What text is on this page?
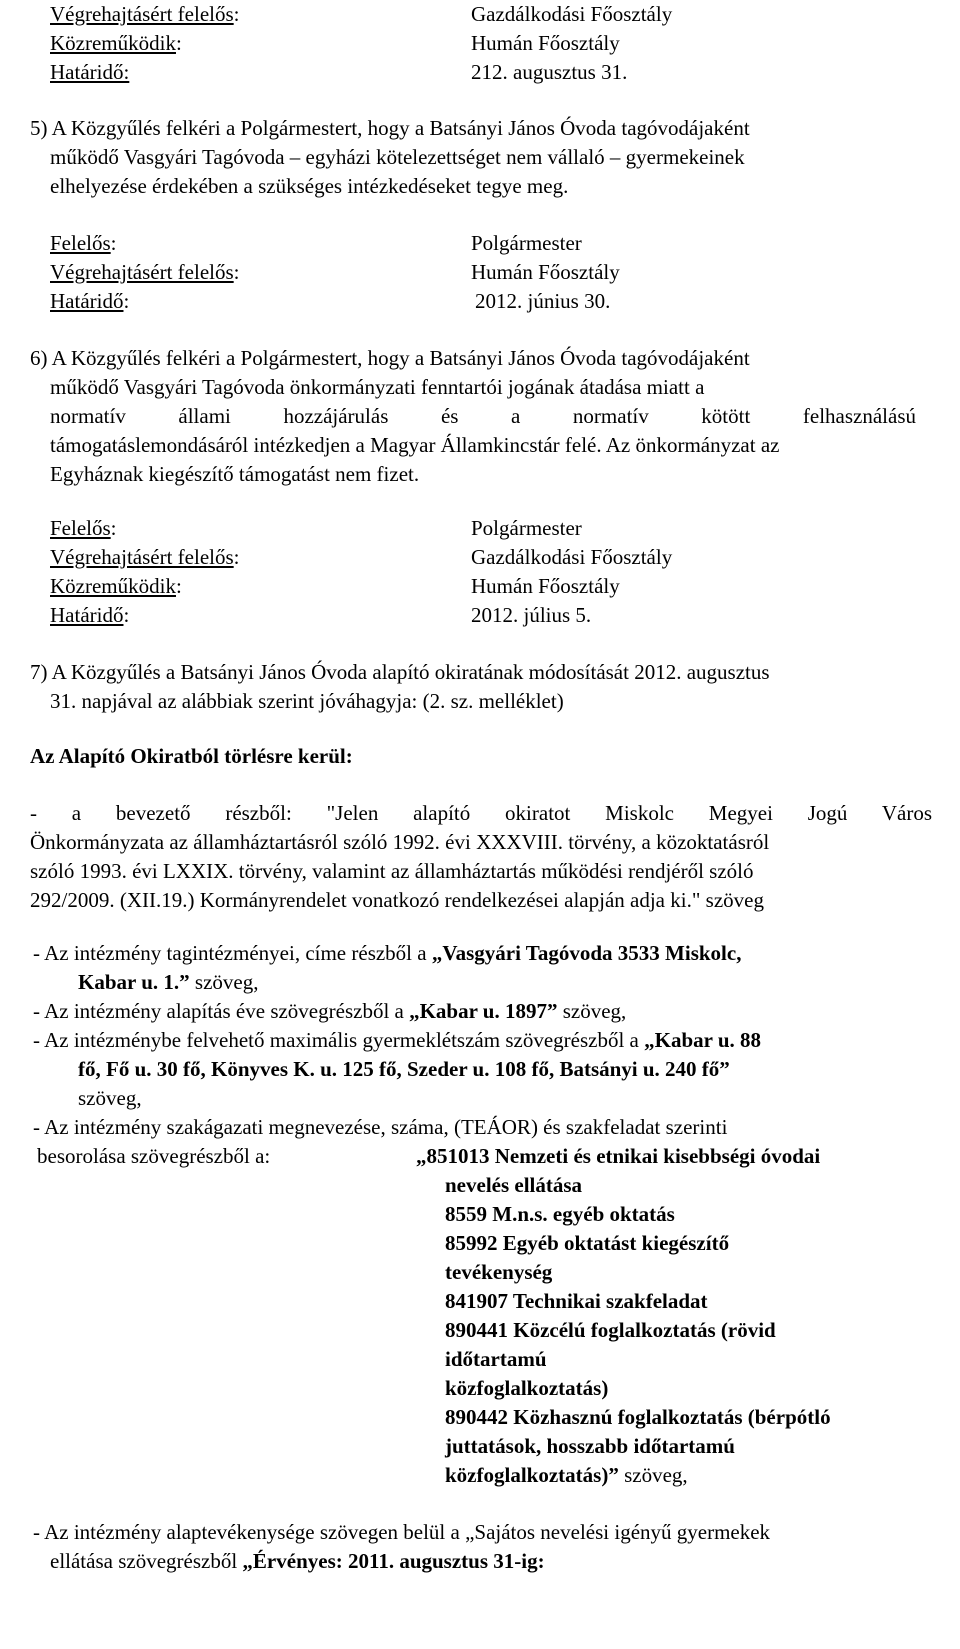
Végrehajtásért felelős:	Gazdálkodási Főosztály
Közreműködik:	Humán Főosztály
Határidő:	212. augusztus 31.
5) A Közgyűlés felkéri a Polgármestert, hogy a Batsányi János Óvoda tagóvodájaként
működő Vasgyári Tagóvoda – egyházi kötelezettséget nem vállaló – gyermekeinek
elhelyezése érdekében a szükséges intézkedéseket tegye meg.
Felelős:	Polgármester
Végrehajtásért felelős:	Humán Főosztály
Határidő:	2012. június 30.
6) A Közgyűlés felkéri a Polgármestert, hogy a Batsányi János Óvoda tagóvodájaként
működő Vasgyári Tagóvoda önkormányzati fenntartói jogának átadása miatt a
normatív állami hozzájárulás és a normatív kötött felhasználású
támogatáslemondásáról intézkedjen a Magyar Államkincstár felé. Az önkormányzat az
Egyháznak kiegészítő támogatást nem fizet.
Felelős:	Polgármester
Végrehajtásért felelős:	Gazdálkodási Főosztály
Közreműködik:	Humán Főosztály
Határidő:	2012. július 5.
7) A Közgyűlés a Batsányi János Óvoda alapító okiratának módosítását 2012. augusztus
31. napjával az alábbiak szerint jóváhagyja: (2. sz. melléklet)
Az Alapító Okiratból törlésre kerül:
- a bevezető részből: "Jelen alapító okiratot Miskolc Megyei Jogú Város
Önkormányzata az államháztartásról szóló 1992. évi XXXVIII. törvény, a közoktatásról
szóló 1993. évi LXXIX. törvény, valamint az államháztartás működési rendjéről szóló
292/2009. (XII.19.) Kormányrendelet vonatkozó rendelkezései alapján adja ki." szöveg
- Az intézmény tagintézményei, címe részből a „Vasgyári Tagóvoda 3533 Miskolc,
Kabar u. 1.” szöveg,
- Az intézmény alapítás éve szövegrészből a „Kabar u. 1897” szöveg,
- Az intézménybe felvehető maximális gyermeklétszám szövegrészből a „Kabar u. 88
fő, Fő u. 30 fő, Könyves K. u. 125 fő, Szeder u. 108 fő, Batsányi u. 240 fő”
szöveg,
- Az intézmény szakágazati megnevezése, száma, (TEÁOR) és szakfeladat szerinti
besorolása szövegrészből a:	„851013 Nemzeti és etnikai kisebbségi óvodai
nevelés ellátása
8559 M.n.s. egyéb oktatás
85992 Egyéb oktatást kiegészítő
tevékenység
841907 Technikai szakfeladat
890441 Közcélú foglalkoztatás (rövid
időtartamú
közfoglalkoztatás)
890442 Közhasznú foglalkoztatás (bérpótló
juttatások, hosszabb időtartamú
közfoglalkoztatás)” szöveg,
- Az intézmény alaptevékenysége szövegen belül a „Sajátos nevelési igényű gyermekek
ellátása szövegrészből „Érvényes: 2011. augusztus 31-ig:
